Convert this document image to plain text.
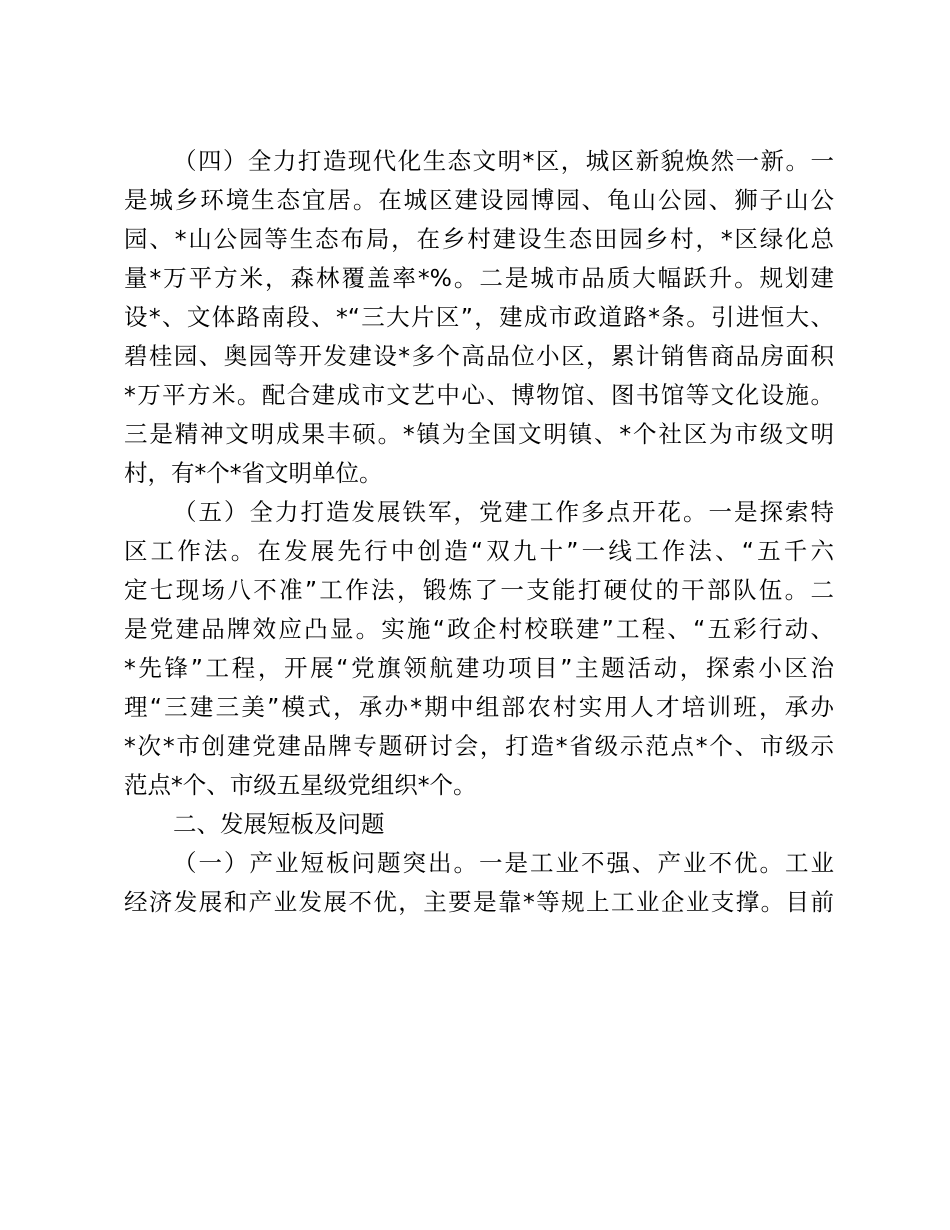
（四）全力打造现代化生态文明*区，城区新貌焕然一新。一
是城乡环境生态宜居。在城区建设园博园、龟山公园、狮子山公
园、*山公园等生态布局，在乡村建设生态田园乡村，*区绿化总
量*万平方米，森林覆盖率*%。二是城市品质大幅跃升。规划建
设*、文体路南段、*“三大片区”，建成市政道路*条。引进恒大、
碧桂园、奥园等开发建设*多个高品位小区，累计销售商品房面积
*万平方米。配合建成市文艺中心、博物馆、图书馆等文化设施。
三是精神文明成果丰硕。*镇为全国文明镇、*个社区为市级文明
村，有*个*省文明单位。
（五）全力打造发展铁军，党建工作多点开花。一是探索特
区工作法。在发展先行中创造“双九十”一线工作法、“五千六
定七现场八不准”工作法，锻炼了一支能打硬仗的干部队伍。二
是党建品牌效应凸显。实施“政企村校联建”工程、“五彩行动、
*先锋”工程，开展“党旗领航建功项目”主题活动，探索小区治
理“三建三美”模式，承办*期中组部农村实用人才培训班，承办
*次*市创建党建品牌专题研讨会，打造*省级示范点*个、市级示
范点*个、市级五星级党组织*个。
二、发展短板及问题
（一）产业短板问题突出。一是工业不强、产业不优。工业
经济发展和产业发展不优，主要是靠*等规上工业企业支撑。目前
